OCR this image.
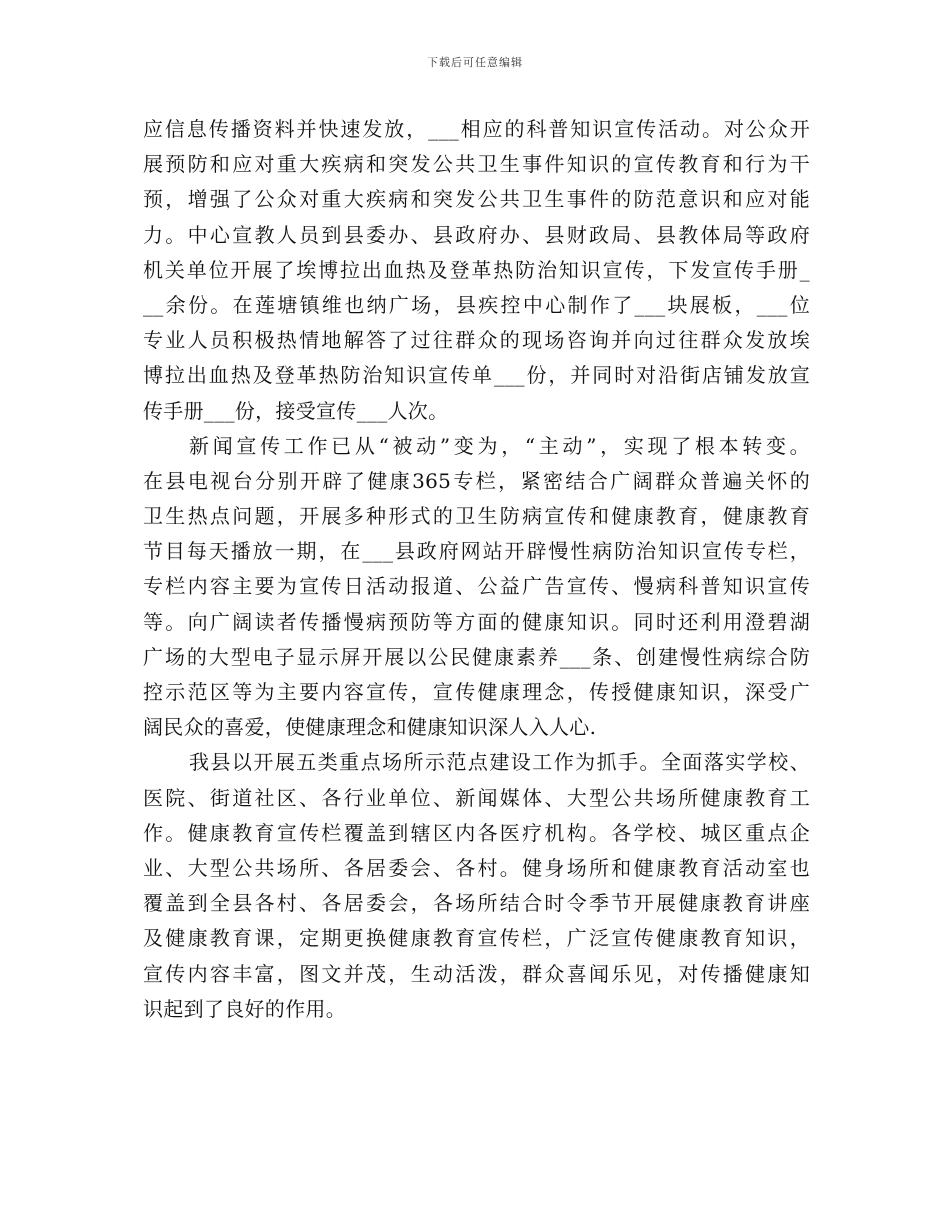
下载后可任意编辑
应信息传播资料并快速发放，___相应的科普知识宣传活动。对公众开
展预防和应对重大疾病和突发公共卫生事件知识的宣传教育和行为干
预，增强了公众对重大疾病和突发公共卫生事件的防范意识和应对能
力。中心宣教人员到县委办、县政府办、县财政局、县教体局等政府
机关单位开展了埃博拉出血热及登革热防治知识宣传，下发宣传手册_
__余份。在莲塘镇维也纳广场，县疾控中心制作了___块展板，___位
专业人员积极热情地解答了过往群众的现场咨询并向过往群众发放埃
博拉出血热及登革热防治知识宣传单___份，并同时对沿街店铺发放宣
传手册___份，接受宣传___人次。
新闻宣传工作已从“被动”变为，“主动”，实现了根本转变。
在县电视台分别开辟了健康365专栏，紧密结合广阔群众普遍关怀的
卫生热点问题，开展多种形式的卫生防病宣传和健康教育，健康教育
节目每天播放一期，在___县政府网站开辟慢性病防治知识宣传专栏，
专栏内容主要为宣传日活动报道、公益广告宣传、慢病科普知识宣传
等。向广阔读者传播慢病预防等方面的健康知识。同时还利用澄碧湖
广场的大型电子显示屏开展以公民健康素养___条、创建慢性病综合防
控示范区等为主要内容宣传，宣传健康理念，传授健康知识，深受广
阔民众的喜爱，使健康理念和健康知识深人入人心.
我县以开展五类重点场所示范点建设工作为抓手。全面落实学校、
医院、街道社区、各行业单位、新闻媒体、大型公共场所健康教育工
作。健康教育宣传栏覆盖到辖区内各医疗机构。各学校、城区重点企
业、大型公共场所、各居委会、各村。健身场所和健康教育活动室也
覆盖到全县各村、各居委会，各场所结合时令季节开展健康教育讲座
及健康教育课，定期更换健康教育宣传栏，广泛宣传健康教育知识，
宣传内容丰富，图文并茂，生动活泼，群众喜闻乐见，对传播健康知
识起到了良好的作用。
